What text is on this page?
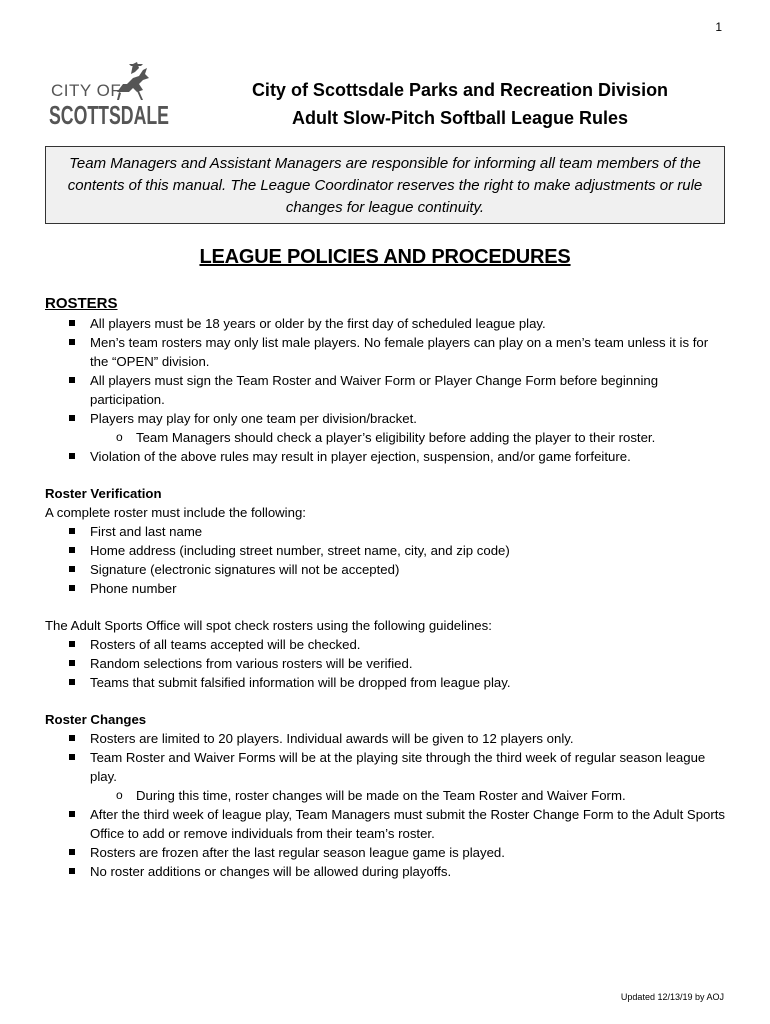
1
CITY OF
SCOTTSDALE
City of Scottsdale Parks and Recreation Division
Adult Slow-Pitch Softball League Rules
Team Managers and Assistant Managers are responsible for informing all team members of the contents of this manual. The League Coordinator reserves the right to make adjustments or rule changes for league continuity.
LEAGUE POLICIES AND PROCEDURES
ROSTERS
All players must be 18 years or older by the first day of scheduled league play.
Men’s team rosters may only list male players. No female players can play on a men’s team unless it is for the “OPEN” division.
All players must sign the Team Roster and Waiver Form or Player Change Form before beginning participation.
Players may play for only one team per division/bracket.
o Team Managers should check a player’s eligibility before adding the player to their roster.
Violation of the above rules may result in player ejection, suspension, and/or game forfeiture.
Roster Verification
A complete roster must include the following:
First and last name
Home address (including street number, street name, city, and zip code)
Signature (electronic signatures will not be accepted)
Phone number
The Adult Sports Office will spot check rosters using the following guidelines:
Rosters of all teams accepted will be checked.
Random selections from various rosters will be verified.
Teams that submit falsified information will be dropped from league play.
Roster Changes
Rosters are limited to 20 players. Individual awards will be given to 12 players only.
Team Roster and Waiver Forms will be at the playing site through the third week of regular season league play.
o During this time, roster changes will be made on the Team Roster and Waiver Form.
After the third week of league play, Team Managers must submit the Roster Change Form to the Adult Sports Office to add or remove individuals from their team’s roster.
Rosters are frozen after the last regular season league game is played.
No roster additions or changes will be allowed during playoffs.
Updated 12/13/19 by AOJ
